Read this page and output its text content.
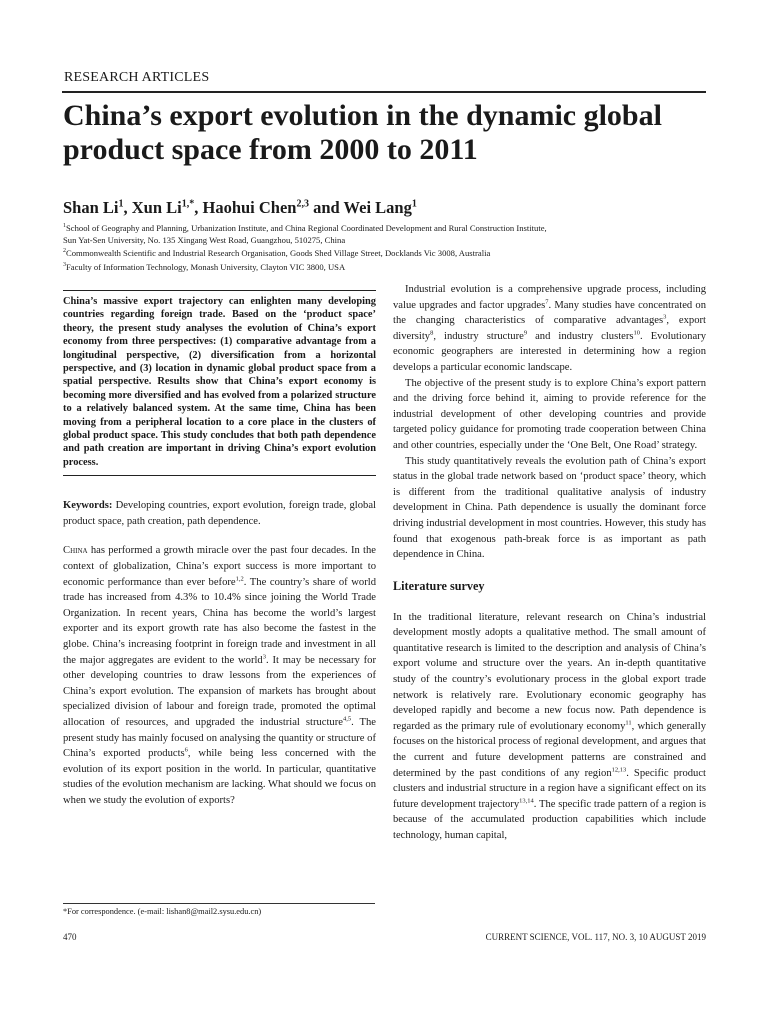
RESEARCH ARTICLES
China’s export evolution in the dynamic global product space from 2000 to 2011
Shan Li$^1$, Xun $Li^{1,*}$, Haohui Chen$^{2,3}$ and Wei Lang$^1$
$^1$School of Geography and Planning, Urbanization Institute, and China Regional Coordinated Development and Rural Construction Institute,
Sun Yat-Sen University, No. 135 Xingang West Road, Guangzhou, 510275, China
$^2$Commonwealth Scientific and Industrial Research Organisation, Goods Shed Village Street, Docklands Vic 3008, Australia
$^3$Faculty of Information Technology, Monash University, Clayton VIC 3800, USA

China’s massive export trajectory can enlighten many developing countries regarding foreign trade. Based on the ‘product space’ theory, the present study analyses the evolution of China’s export economy from three perspectives: (1) comparative advantage from a longitudinal perspective, (2) diversification from a horizontal perspective, and (3) location in dynamic global product space from a spatial perspective. Results show that China’s export economy is becoming more diversified and has evolved from a polarized structure to a relatively balanced system. At the same time, China has been moving from a peripheral location to a core place in the clusters of global product space. This study concludes that both path dependence and path creation are important in driving China’s export evolution process.

Keywords: Developing countries, export evolution, foreign trade, global product space, path creation, path dependence.

China has performed a growth miracle over the past four decades. In the context of globalization, China’s export success is more important to economic performance than ever before$^{1,2}$. The country’s share of world trade has increased from 4.3% to 10.4% since joining the World Trade Organization. In recent years, China has become the world’s largest exporter and its export growth rate has also become the fastest in the globe. China’s increasing footprint in foreign trade and investment in all the major aggregates are evident to the world$^3$. It may be necessary for other developing countries to draw lessons from the experiences of China’s export evolution. The expansion of markets has brought about specialized division of labour and foreign trade, promoted the optimal allocation of resources, and upgraded the industrial structure$^{4,5}$. The present study has mainly focused on analysing the quantity or structure of China’s exported products$^6$, while being less concerned with the evolution of its export position in the world. In particular, quantitative studies of the evolution mechanism are lacking. What should we focus on when we study the evolution of exports?

Industrial evolution is a comprehensive upgrade process, including value upgrades and factor upgrades$^7$. Many studies have concentrated on the changing characteristics of comparative advantages$^3$, export diversity$^8$, industry structure$^9$ and industry clusters$^{10}$. Evolutionary economic geographers are interested in determining how a region develops a particular economic landscape.

The objective of the present study is to explore China’s export pattern and the driving force behind it, aiming to provide reference for the industrial development of other developing countries and provide targeted policy guidance for promoting trade cooperation between China and other countries, especially under the ‘One Belt, One Road’ strategy.

This study quantitatively reveals the evolution path of China’s export status in the global trade network based on ‘product space’ theory, which is different from the traditional qualitative analysis of industry development in China. Path dependence is usually the dominant force driving industrial development in most countries. However, this study has found that exogenous path-break force is as important as path dependence in China.

Literature survey

In the traditional literature, relevant research on China’s industrial development mostly adopts a qualitative method. The small amount of quantitative research is limited to the description and analysis of China’s export volume and structure over the years. An in-depth quantitative study of the country’s evolutionary process in the global export trade network is relatively rare. Evolutionary economic geography has developed rapidly and become a new focus now. Path dependence is regarded as the primary rule of evolutionary economy$^{11}$, which generally focuses on the historical process of regional development, and argues that the current and future development patterns are constrained and determined by the past conditions of any region$^{12,13}$. Specific product clusters and industrial structure in a region have a significant effect on its future development trajectory$^{13,14}$. The specific trade pattern of a region is because of the accumulated production capabilities which include technology, human capital,

*For correspondence. (e-mail: lishan8@mail2.sysu.edu.cn)
470	CURRENT SCIENCE, VOL. 117, NO. 3, 10 AUGUST 2019
